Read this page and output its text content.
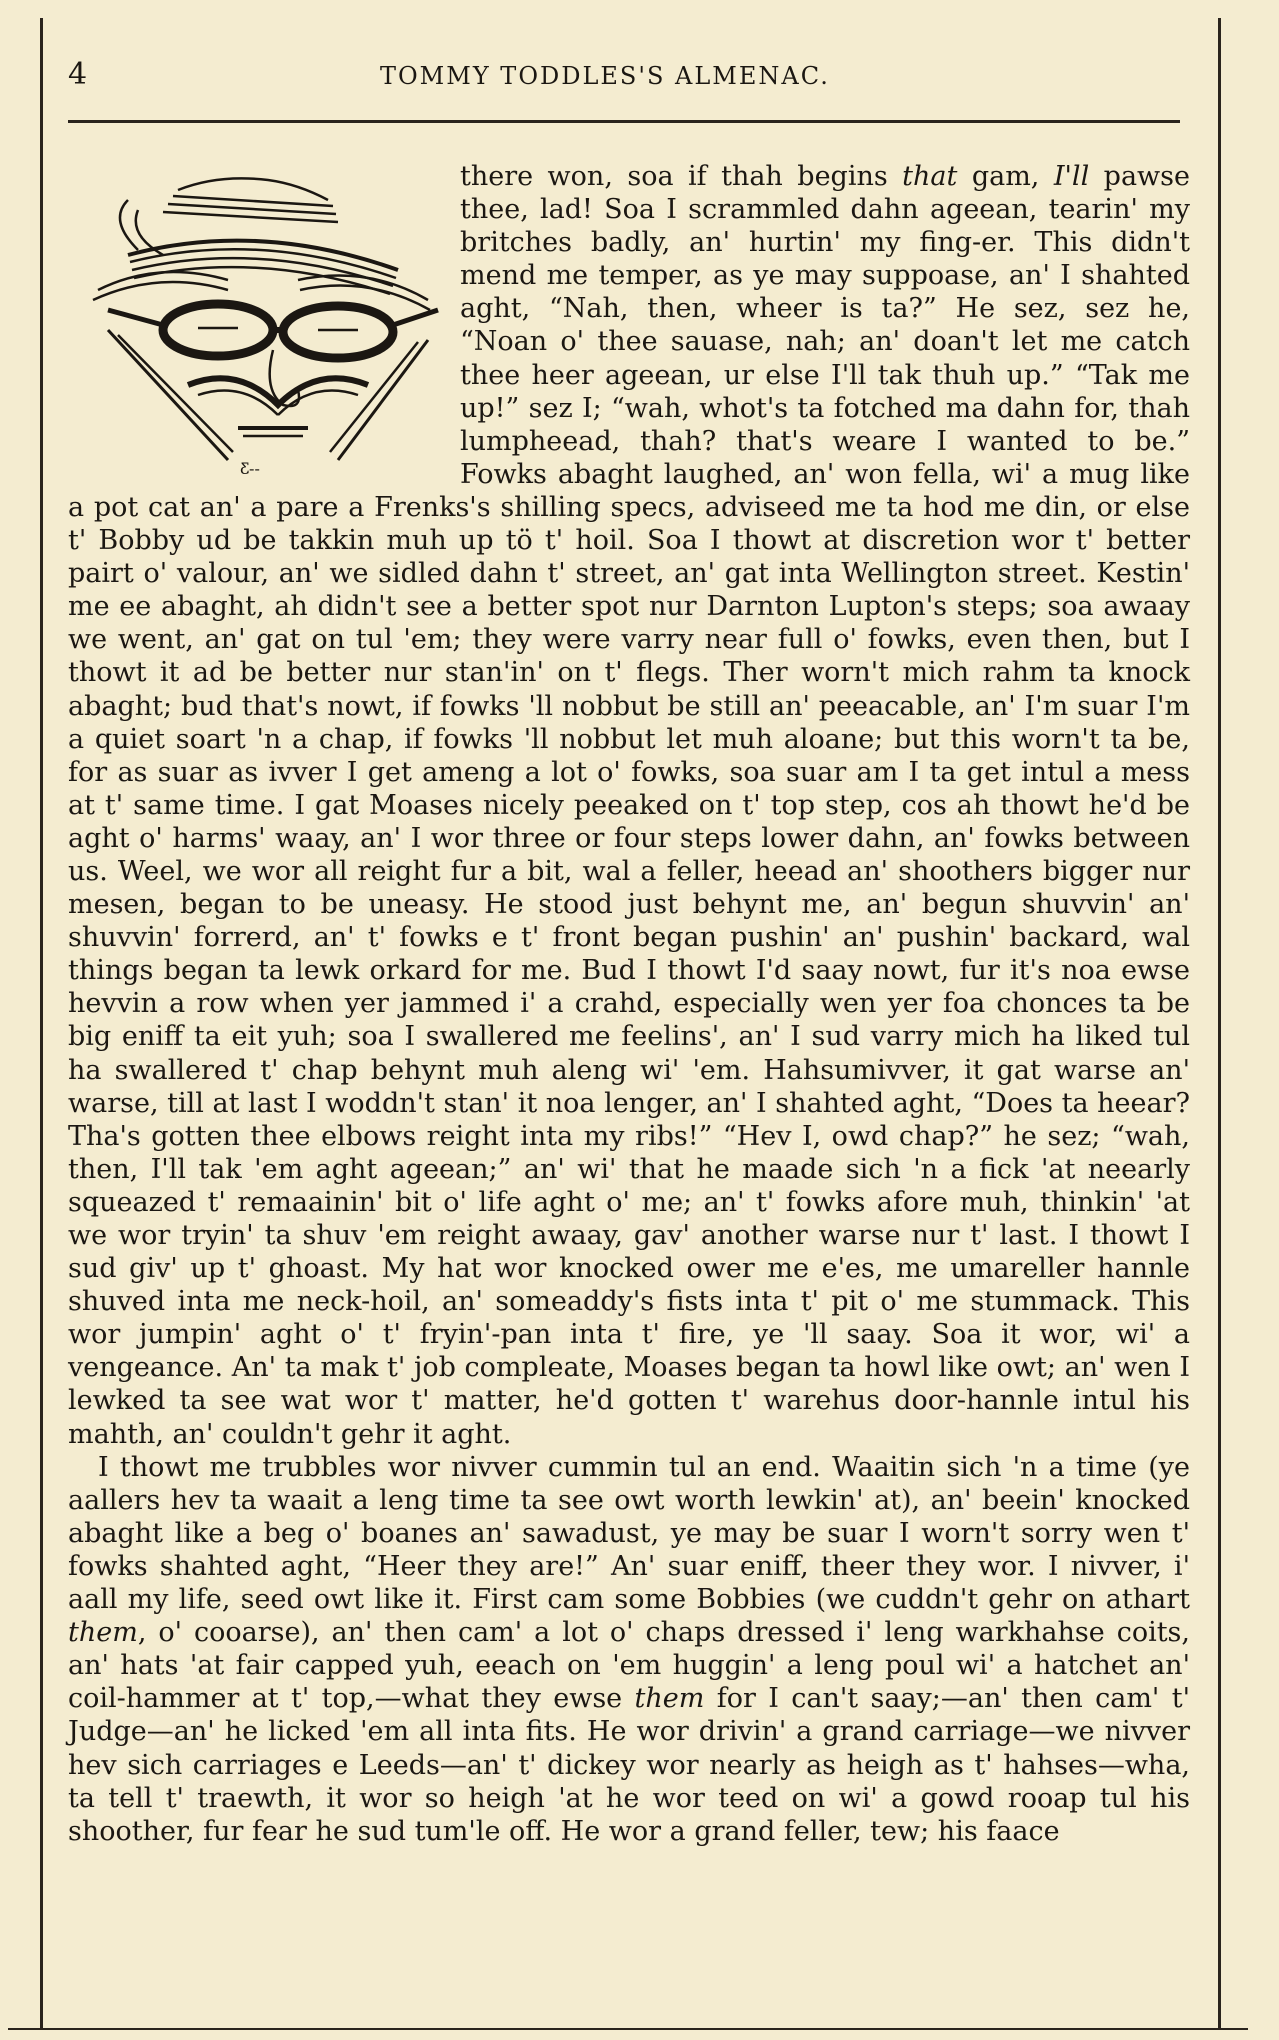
4	TOMMY TODDLES'S ALMENAC.
Ƹ--

there won, soa if thah begins that gam, I'll pawse thee, lad! Soa I scrammled dahn ageean, tearin' my britches badly, an' hurtin' my fing-er. This didn't mend me temper, as ye may suppoase, an' I shahted aght, “Nah, then, wheer is ta?” He sez, sez he, “Noan o' thee sauase, nah; an' doan't let me catch thee heer ageean, ur else I'll tak thuh up.” “Tak me up!” sez I; “wah, whot's ta fotched ma dahn for, thah lumpheead, thah? that's weare I wanted to be.” Fowks abaght laughed, an' won fella, wi' a mug like a pot cat an' a pare a Frenks's shilling specs, adviseed me ta hod me din, or else t' Bobby ud be takkin muh up tö t' hoil. Soa I thowt at discretion wor t' better pairt o' valour, an' we sidled dahn t' street, an' gat inta Wellington street. Kestin' me ee abaght, ah didn't see a better spot nur Darnton Lupton's steps; soa awaay we went, an' gat on tul 'em; they were varry near full o' fowks, even then, but I thowt it ad be better nur stan'in' on t' flegs. Ther worn't mich rahm ta knock abaght; bud that's nowt, if fowks 'll nobbut be still an' peeacable, an' I'm suar I'm a quiet soart 'n a chap, if fowks 'll nobbut let muh aloane; but this worn't ta be, for as suar as ivver I get ameng a lot o' fowks, soa suar am I ta get intul a mess at t' same time. I gat Moases nicely peeaked on t' top step, cos ah thowt he'd be aght o' harms' waay, an' I wor three or four steps lower dahn, an' fowks between us. Weel, we wor all reight fur a bit, wal a feller, heead an' shoothers bigger nur mesen, began to be uneasy. He stood just behynt me, an' begun shuvvin' an' shuvvin' forrerd, an' t' fowks e t' front began pushin' an' pushin' backard, wal things began ta lewk orkard for me. Bud I thowt I'd saay nowt, fur it's noa ewse hevvin a row when yer jammed i' a crahd, especially wen yer foa chonces ta be big eniff ta eit yuh; soa I swallered me feelins', an' I sud varry mich ha liked tul ha swallered t' chap behynt muh aleng wi' 'em. Hahsumivver, it gat warse an' warse, till at last I woddn't stan' it noa lenger, an' I shahted aght, “Does ta heear? Tha's gotten thee elbows reight inta my ribs!” “Hev I, owd chap?” he sez; “wah, then, I'll tak 'em aght ageean;” an' wi' that he maade sich 'n a fick 'at neearly squeazed t' remaainin' bit o' life aght o' me; an' t' fowks afore muh, thinkin' 'at we wor tryin' ta shuv 'em reight awaay, gav' another warse nur t' last. I thowt I sud giv' up t' ghoast. My hat wor knocked ower me e'es, me umareller hannle shuved inta me neck-hoil, an' someaddy's fists inta t' pit o' me stummack. This wor jumpin' aght o' t' fryin'-pan inta t' fire, ye 'll saay. Soa it wor, wi' a vengeance. An' ta mak t' job compleate, Moases began ta howl like owt; an' wen I lewked ta see wat wor t' matter, he'd gotten t' warehus door-hannle intul his mahth, an' couldn't gehr it aght.

I thowt me trubbles wor nivver cummin tul an end. Waaitin sich 'n a time (ye aallers hev ta waait a leng time ta see owt worth lewkin' at), an' beein' knocked abaght like a beg o' boanes an' sawadust, ye may be suar I worn't sorry wen t' fowks shahted aght, “Heer they are!” An' suar eniff, theer they wor. I nivver, i' aall my life, seed owt like it. First cam some Bobbies (we cuddn't gehr on athart them, o' cooarse), an' then cam' a lot o' chaps dressed i' leng warkhahse coits, an' hats 'at fair capped yuh, eeach on 'em huggin' a leng poul wi' a hatchet an' coil-hammer at t' top,—what they ewse them for I can't saay;—an' then cam' t' Judge—an' he licked 'em all inta fits. He wor drivin' a grand carriage—we nivver hev sich carriages e Leeds—an' t' dickey wor nearly as heigh as t' hahses—wha, ta tell t' traewth, it wor so heigh 'at he wor teed on wi' a gowd rooap tul his shoother, fur fear he sud tum'le off. He wor a grand feller, tew; his faace
